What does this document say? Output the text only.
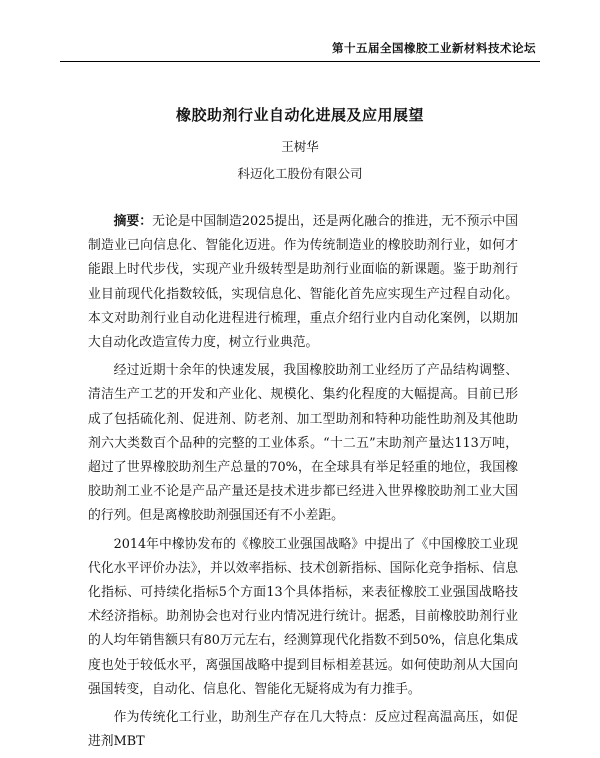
第十五届全国橡胶工业新材料技术论坛
橡胶助剂行业自动化进展及应用展望
王树华
科迈化工股份有限公司

摘要：无论是中国制造2025提出，还是两化融合的推进，无不预示中国制造业已向信息化、智能化迈进。作为传统制造业的橡胶助剂行业，如何才能跟上时代步伐，实现产业升级转型是助剂行业面临的新课题。鉴于助剂行业目前现代化指数较低，实现信息化、智能化首先应实现生产过程自动化。 本文对助剂行业自动化进程进行梳理，重点介绍行业内自动化案例，以期加大自动化改造宣传力度，树立行业典范。

经过近期十余年的快速发展，我国橡胶助剂工业经历了产品结构调整、清洁生产工艺的开发和产业化、规模化、集约化程度的大幅提高。目前已形成了包括硫化剂、促进剂、防老剂、加工型助剂和特种功能性助剂及其他助剂六大类数百个品种的完整的工业体系。“十二五”末助剂产量达113万吨，超过了世界橡胶助剂生产总量的70%，在全球具有举足轻重的地位，我国橡胶助剂工业不论是产品产量还是技术进步都已经进入世界橡胶助剂工业大国的行列。但是离橡胶助剂强国还有不小差距。

2014年中橡协发布的《橡胶工业强国战略》中提出了《中国橡胶工业现代化水平评价办法》，并以效率指标、技术创新指标、国际化竞争指标、信息化指标、可持续化指标5个方面13个具体指标，来表征橡胶工业强国战略技术经济指标。助剂协会也对行业内情况进行统计。据悉，目前橡胶助剂行业的人均年销售额只有80万元左右，经测算现代化指数不到50%，信息化集成度也处于较低水平，离强国战略中提到目标相差甚远。如何使助剂从大国向强国转变，自动化、信息化、智能化无疑将成为有力推手。

作为传统化工行业，助剂生产存在几大特点：反应过程高温高压，如促进剂MBT
